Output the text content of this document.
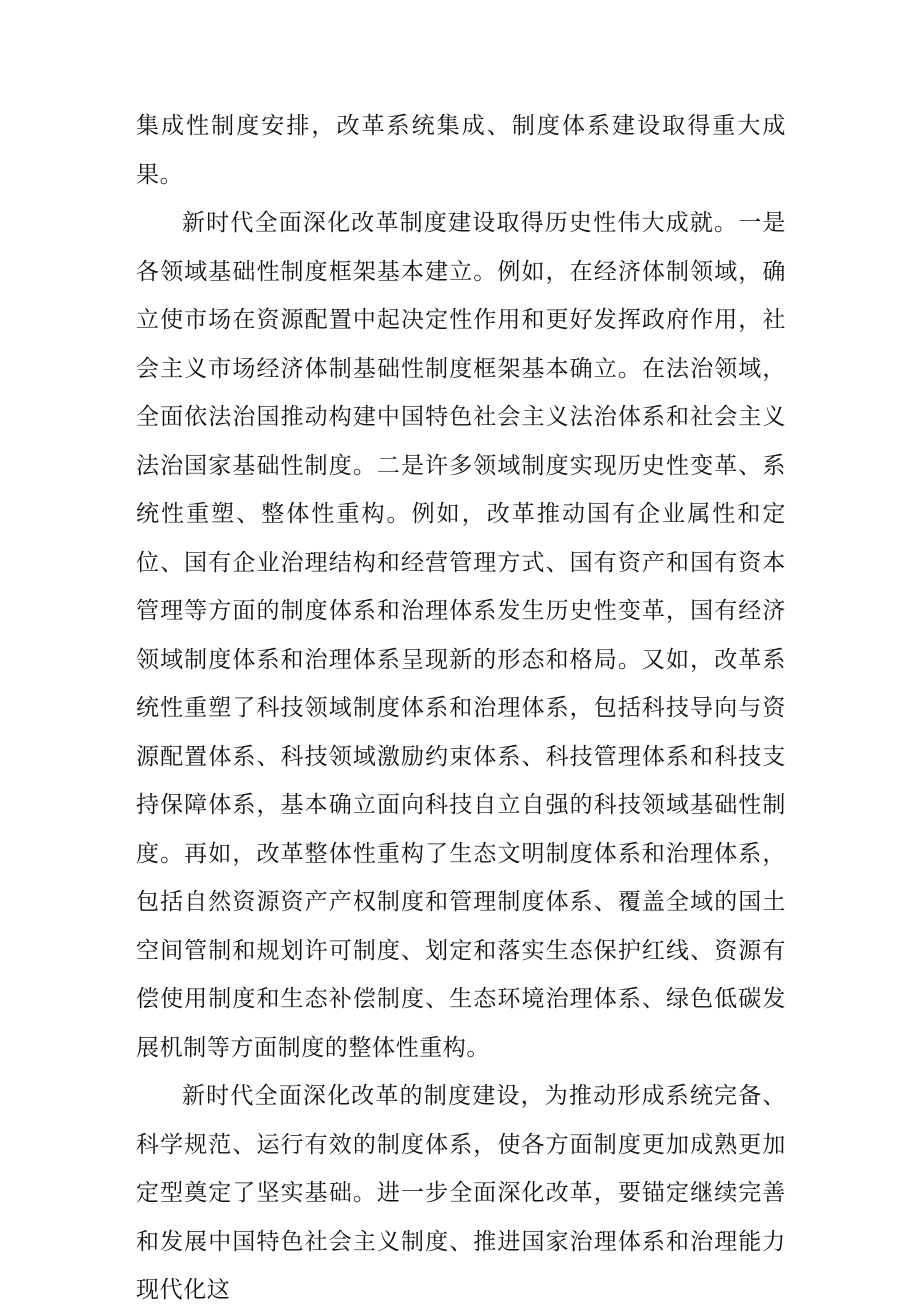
集成性制度安排，改革系统集成、制度体系建设取得重大成果。

新时代全面深化改革制度建设取得历史性伟大成就。一是各领域基础性制度框架基本建立。例如，在经济体制领域，确立使市场在资源配置中起决定性作用和更好发挥政府作用，社会主义市场经济体制基础性制度框架基本确立。在法治领域，全面依法治国推动构建中国特色社会主义法治体系和社会主义法治国家基础性制度。二是许多领域制度实现历史性变革、系统性重塑、整体性重构。例如，改革推动国有企业属性和定位、国有企业治理结构和经营管理方式、国有资产和国有资本管理等方面的制度体系和治理体系发生历史性变革，国有经济领域制度体系和治理体系呈现新的形态和格局。又如，改革系统性重塑了科技领域制度体系和治理体系，包括科技导向与资源配置体系、科技领域激励约束体系、科技管理体系和科技支持保障体系，基本确立面向科技自立自强的科技领域基础性制度。再如，改革整体性重构了生态文明制度体系和治理体系，包括自然资源资产产权制度和管理制度体系、覆盖全域的国土空间管制和规划许可制度、划定和落实生态保护红线、资源有偿使用制度和生态补偿制度、生态环境治理体系、绿色低碳发展机制等方面制度的整体性重构。

新时代全面深化改革的制度建设，为推动形成系统完备、科学规范、运行有效的制度体系，使各方面制度更加成熟更加定型奠定了坚实基础。进一步全面深化改革，要锚定继续完善和发展中国特色社会主义制度、推进国家治理体系和治理能力现代化这
